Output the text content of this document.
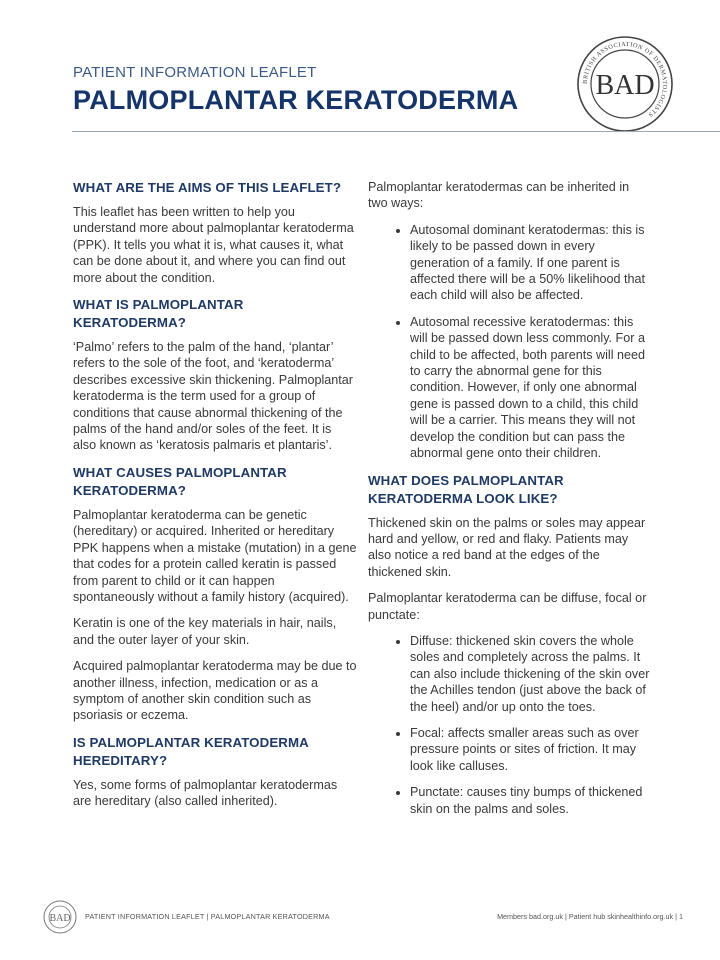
PATIENT INFORMATION LEAFLET
PALMOPLANTAR KERATODERMA
BRITISH ASSOCIATION OF DERMATOLOGISTS
BAD
WHAT ARE THE AIMS OF THIS LEAFLET?

This leaflet has been written to help you understand more about palmoplantar keratoderma (PPK). It tells you what it is, what causes it, what can be done about it, and where you can find out more about the condition.

WHAT IS PALMOPLANTAR KERATODERMA?

‘Palmo’ refers to the palm of the hand, ‘plantar’ refers to the sole of the foot, and ‘keratoderma’ describes excessive skin thickening. Palmoplantar keratoderma is the term used for a group of conditions that cause abnormal thickening of the palms of the hand and/or soles of the feet. It is also known as ‘keratosis palmaris et plantaris’.

WHAT CAUSES PALMOPLANTAR KERATODERMA?

Palmoplantar keratoderma can be genetic (hereditary) or acquired. Inherited or hereditary PPK happens when a mistake (mutation) in a gene that codes for a protein called keratin is passed from parent to child or it can happen spontaneously without a family history (acquired).

Keratin is one of the key materials in hair, nails, and the outer layer of your skin.

Acquired palmoplantar keratoderma may be due to another illness, infection, medication or as a symptom of another skin condition such as psoriasis or eczema.

IS PALMOPLANTAR KERATODERMA HEREDITARY?

Yes, some forms of palmoplantar keratodermas are hereditary (also called inherited).

Palmoplantar keratodermas can be inherited in two ways:

• Autosomal dominant keratodermas: this is likely to be passed down in every generation of a family. If one parent is affected there will be a 50% likelihood that each child will also be affected.
• Autosomal recessive keratodermas: this will be passed down less commonly. For a child to be affected, both parents will need to carry the abnormal gene for this condition. However, if only one abnormal gene is passed down to a child, this child will be a carrier. This means they will not develop the condition but can pass the abnormal gene onto their children.
WHAT DOES PALMOPLANTAR KERATODERMA LOOK LIKE?

Thickened skin on the palms or soles may appear hard and yellow, or red and flaky. Patients may also notice a red band at the edges of the thickened skin.

Palmoplantar keratoderma can be diffuse, focal or punctate:

• Diffuse: thickened skin covers the whole soles and completely across the palms. It can also include thickening of the skin over the Achilles tendon (just above the back of the heel) and/or up onto the toes.
• Focal: affects smaller areas such as over pressure points or sites of friction. It may look like calluses.
• Punctate: causes tiny bumps of thickened skin on the palms and soles.
BAD PATIENT INFORMATION LEAFLET | PALMOPLANTAR KERATODERMA	Members bad.org.uk | Patient hub skinhealthinfo.org.uk | 1
